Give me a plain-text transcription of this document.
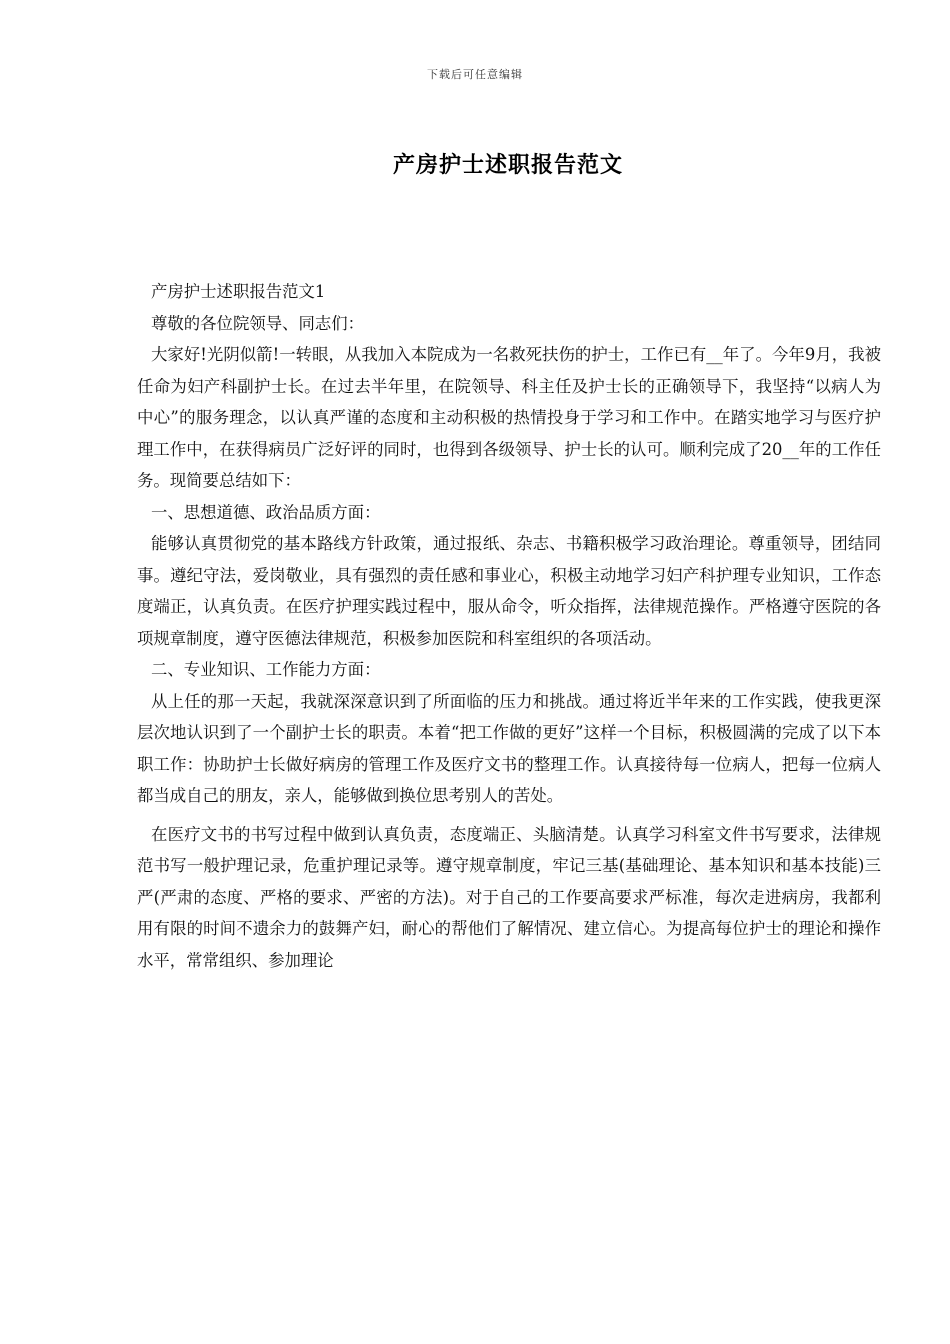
下载后可任意编辑
产房护士述职报告范文
产房护士述职报告范文1
尊敬的各位院领导、同志们：
大家好!光阴似箭!一转眼，从我加入本院成为一名救死扶伤的护士，工作已有__年了。今年9月，我被任命为妇产科副护士长。在过去半年里，在院领导、科主任及护士长的正确领导下，我坚持“以病人为中心”的服务理念，以认真严谨的态度和主动积极的热情投身于学习和工作中。在踏实地学习与医疗护理工作中，在获得病员广泛好评的同时，也得到各级领导、护士长的认可。顺利完成了20__年的工作任务。现简要总结如下：
一、思想道德、政治品质方面：
能够认真贯彻党的基本路线方针政策，通过报纸、杂志、书籍积极学习政治理论。尊重领导，团结同事。遵纪守法，爱岗敬业，具有强烈的责任感和事业心，积极主动地学习妇产科护理专业知识，工作态度端正，认真负责。在医疗护理实践过程中，服从命令，听众指挥，法律规范操作。严格遵守医院的各项规章制度，遵守医德法律规范，积极参加医院和科室组织的各项活动。
二、专业知识、工作能力方面：
从上任的那一天起，我就深深意识到了所面临的压力和挑战。通过将近半年来的工作实践，使我更深层次地认识到了一个副护士长的职责。本着“把工作做的更好”这样一个目标，积极圆满的完成了以下本职工作：协助护士长做好病房的管理工作及医疗文书的整理工作。认真接待每一位病人，把每一位病人都当成自己的朋友，亲人，能够做到换位思考别人的苦处。
在医疗文书的书写过程中做到认真负责，态度端正、头脑清楚。认真学习科室文件书写要求，法律规范书写一般护理记录，危重护理记录等。遵守规章制度，牢记三基(基础理论、基本知识和基本技能)三严(严肃的态度、严格的要求、严密的方法)。对于自己的工作要高要求严标准，每次走进病房，我都利用有限的时间不遗余力的鼓舞产妇，耐心的帮他们了解情况、建立信心。为提高每位护士的理论和操作水平，常常组织、参加理论
